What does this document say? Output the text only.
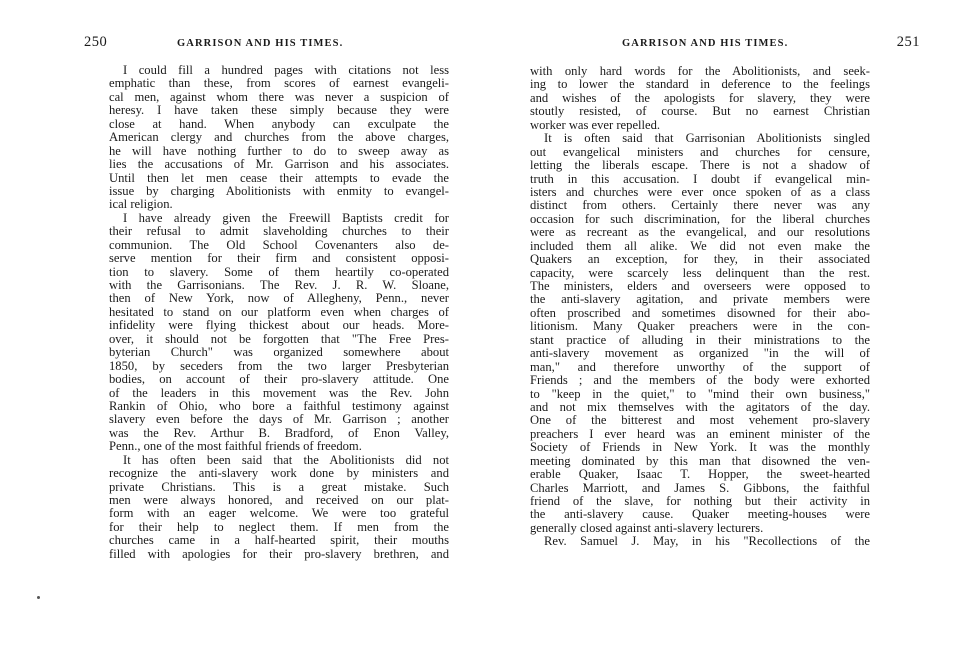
250	GARRISON AND HIS TIMES.
I could fill a hundred pages with citations not less
emphatic than these, from scores of earnest evangeli-
cal men, against whom there was never a suspicion of
heresy. I have taken these simply because they were
close at hand. When anybody can exculpate the
American clergy and churches from the above charges,
he will have nothing further to do to sweep away as
lies the accusations of Mr. Garrison and his associates.
Until then let men cease their attempts to evade the
issue by charging Abolitionists with enmity to evangel-
ical religion.
I have already given the Freewill Baptists credit for
their refusal to admit slaveholding churches to their
communion. The Old School Covenanters also de-
serve mention for their firm and consistent opposi-
tion to slavery. Some of them heartily co-operated
with the Garrisonians. The Rev. J. R. W. Sloane,
then of New York, now of Allegheny, Penn., never
hesitated to stand on our platform even when charges of
infidelity were flying thickest about our heads. More-
over, it should not be forgotten that "The Free Pres-
byterian Church" was organized somewhere about
1850, by seceders from the two larger Presbyterian
bodies, on account of their pro-slavery attitude. One
of the leaders in this movement was the Rev. John
Rankin of Ohio, who bore a faithful testimony against
slavery even before the days of Mr. Garrison ; another
was the Rev. Arthur B. Bradford, of Enon Valley,
Penn., one of the most faithful friends of freedom.
It has often been said that the Abolitionists did not
recognize the anti-slavery work done by ministers and
private Christians. This is a great mistake. Such
men were always honored, and received on our plat-
form with an eager welcome. We were too grateful
for their help to neglect them. If men from the
churches came in a half-hearted spirit, their mouths
filled with apologies for their pro-slavery brethren, and
251
GARRISON AND HIS TIMES.
with only hard words for the Abolitionists, and seek-
ing to lower the standard in deference to the feelings
and wishes of the apologists for slavery, they were
stoutly resisted, of course. But no earnest Christian
worker was ever repelled.
It is often said that Garrisonian Abolitionists singled
out evangelical ministers and churches for censure,
letting the liberals escape. There is not a shadow of
truth in this accusation. I doubt if evangelical min-
isters and churches were ever once spoken of as a class
distinct from others. Certainly there never was any
occasion for such discrimination, for the liberal churches
were as recreant as the evangelical, and our resolutions
included them all alike. We did not even make the
Quakers an exception, for they, in their associated
capacity, were scarcely less delinquent than the rest.
The ministers, elders and overseers were opposed to
the anti-slavery agitation, and private members were
often proscribed and sometimes disowned for their abo-
litionism. Many Quaker preachers were in the con-
stant practice of alluding in their ministrations to the
anti-slavery movement as organized "in the will of
man," and therefore unworthy of the support of
Friends ; and the members of the body were exhorted
to "keep in the quiet," to "mind their own business,"
and not mix themselves with the agitators of the day.
One of the bitterest and most vehement pro-slavery
preachers I ever heard was an eminent minister of the
Society of Friends in New York. It was the monthly
meeting dominated by this man that disowned the ven-
erable Quaker, Isaac T. Hopper, the sweet-hearted
Charles Marriott, and James S. Gibbons, the faithful
friend of the slave, for nothing but their activity in
the anti-slavery cause. Quaker meeting-houses were
generally closed against anti-slavery lecturers.
Rev. Samuel J. May, in his "Recollections of the
